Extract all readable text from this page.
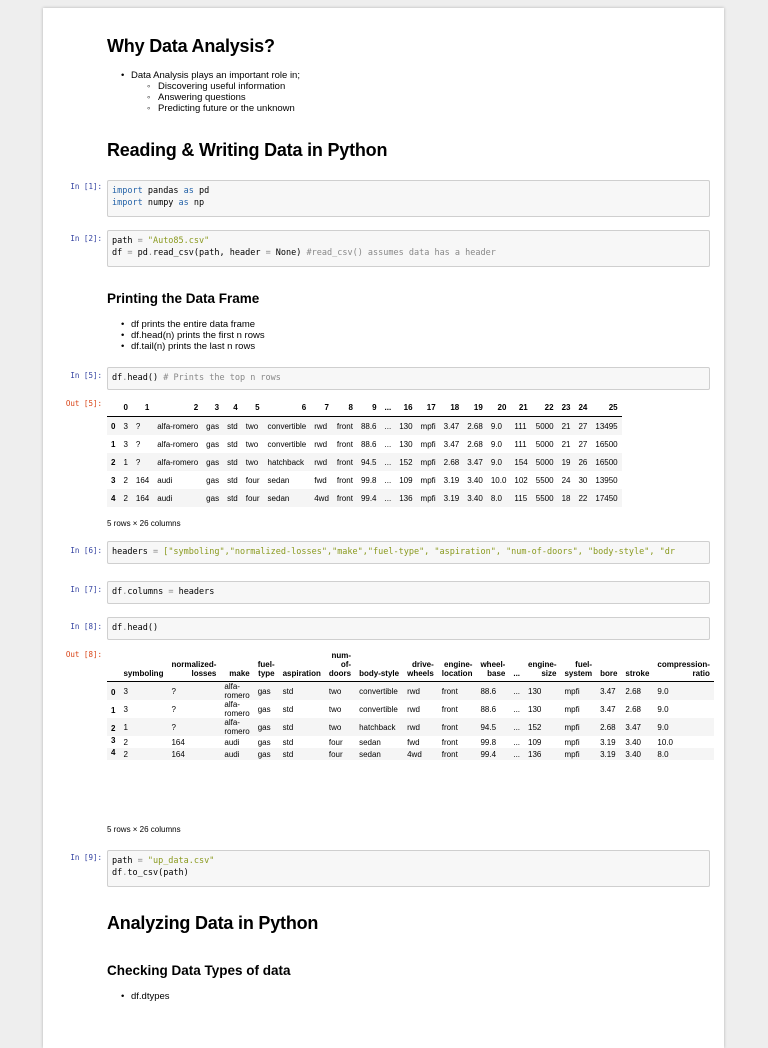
Why Data Analysis?
• Data Analysis plays an important role in;
◦ Discovering useful information
◦ Answering questions
◦ Predicting future or the unknown
Reading & Writing Data in Python
In [1]:	import pandas as pd
import numpy as np
In [2]:	path = "Auto85.csv"
df = pd.read_csv(path, header = None) #read_csv() assumes data has a header
Printing the Data Frame
• df prints the entire data frame
• df.head(n) prints the first n rows
• df.tail(n) prints the last n rows
In [5]:	df.head() # Prints the top n rows
Out [5]:
		0	1	2	3	4	5	6	7	8	9	...	16	17	18	19	20	21	22	23	24	25
0	3	?	alfa-romero	gas	std	two	convertible	rwd	front	88.6	...	130	mpfi	3.47	2.68	9.0	111	5000	21	27	13495
1	3	?	alfa-romero	gas	std	two	convertible	rwd	front	88.6	...	130	mpfi	3.47	2.68	9.0	111	5000	21	27	16500
2	1	?	alfa-romero	gas	std	two	hatchback	rwd	front	94.5	...	152	mpfi	2.68	3.47	9.0	154	5000	19	26	16500
3	2	164	audi	gas	std	four	sedan	fwd	front	99.8	...	109	mpfi	3.19	3.40	10.0	102	5500	24	30	13950
4	2	164	audi	gas	std	four	sedan	4wd	front	99.4	...	136	mpfi	3.19	3.40	8.0	115	5500	18	22	17450
5 rows × 26 columns
In [6]:	headers = ["symboling","normalized-losses","make","fuel-type", "aspiration", "num-of-doors", "body-style", "dr
In [7]:	df.columns = headers
In [8]:	df.head()
Out [8]:
	symboling	normalized-
losses	make	fuel-
type	aspiration	num-
of-
doors	body-style	drive-
wheels	engine-
location	wheel-
base	...	engine-
size	fuel-
system	bore	stroke	compression-
ratio
0	3	?	alfa-
romero	gas	std	two	convertible	rwd	front	88.6	...	130	mpfi	3.47	2.68	9.0
1	3	?	alfa-
romero	gas	std	two	convertible	rwd	front	88.6	...	130	mpfi	3.47	2.68	9.0
2	1	?	alfa-
romero	gas	std	two	hatchback	rwd	front	94.5	...	152	mpfi	2.68	3.47	9.0
3	2	164	audi	gas	std	four	sedan	fwd	front	99.8	...	109	mpfi	3.19	3.40	10.0
4	2	164	audi	gas	std	four	sedan	4wd	front	99.4	...	136	mpfi	3.19	3.40	8.0
5 rows × 26 columns
In [9]:	path = "up_data.csv"
df.to_csv(path)
Analyzing Data in Python
Checking Data Types of data
• df.dtypes
